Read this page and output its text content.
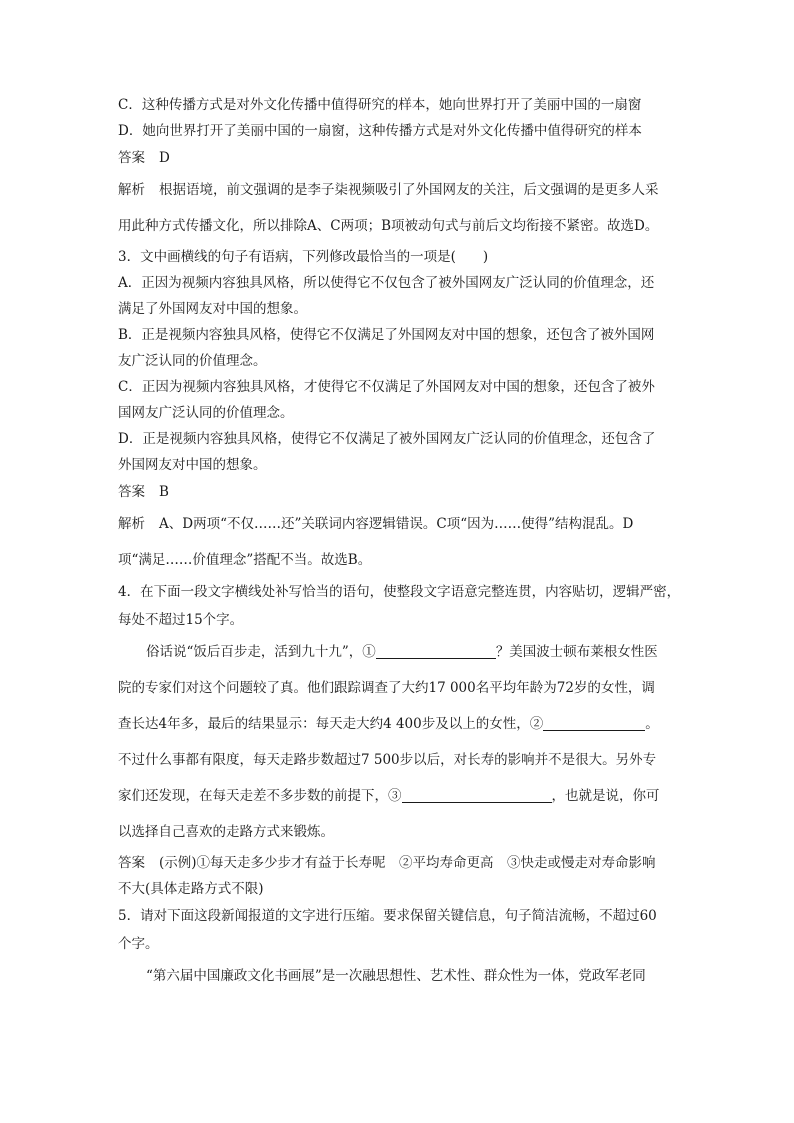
C．这种传播方式是对外文化传播中值得研究的样本，她向世界打开了美丽中国的一扇窗
D．她向世界打开了美丽中国的一扇窗，这种传播方式是对外文化传播中值得研究的样本
答案 D
解析 根据语境，前文强调的是李子柒视频吸引了外国网友的关注，后文强调的是更多人采
用此种方式传播文化，所以排除A、C两项；B项被动句式与前后文均衔接不紧密。故选D。
3．文中画横线的句子有语病，下列修改最恰当的一项是(　　)
A．正因为视频内容独具风格，所以使得它不仅包含了被外国网友广泛认同的价值理念，还
满足了外国网友对中国的想象。
B．正是视频内容独具风格，使得它不仅满足了外国网友对中国的想象，还包含了被外国网
友广泛认同的价值理念。
C．正因为视频内容独具风格，才使得它不仅满足了外国网友对中国的想象，还包含了被外
国网友广泛认同的价值理念。
D．正是视频内容独具风格，使得它不仅满足了被外国网友广泛认同的价值理念，还包含了
外国网友对中国的想象。
答案 B
解析 A、D两项“不仅……还”关联词内容逻辑错误。C项“因为……使得”结构混乱。D
项“满足……价值理念”搭配不当。故选B。
4．在下面一段文字横线处补写恰当的语句，使整段文字语意完整连贯，内容贴切，逻辑严密，
每处不超过15个字。
俗话说“饭后百步走，活到九十九”，①	？美国波士顿布莱根女性医
院的专家们对这个问题较了真。他们跟踪调查了大约17 000名平均年龄为72岁的女性，调
查长达4年多，最后的结果显示：每天走大约4 400步及以上的女性，②	。
不过什么事都有限度，每天走路步数超过7 500步以后，对长寿的影响并不是很大。另外专
家们还发现，在每天走差不多步数的前提下，③	，也就是说，你可
以选择自己喜欢的走路方式来锻炼。
答案 (示例)①每天走多少步才有益于长寿呢　②平均寿命更高　③快走或慢走对寿命影响
不大(具体走路方式不限)
5．请对下面这段新闻报道的文字进行压缩。要求保留关键信息，句子简洁流畅，不超过60
个字。
“第六届中国廉政文化书画展”是一次融思想性、艺术性、群众性为一体，党政军老同
